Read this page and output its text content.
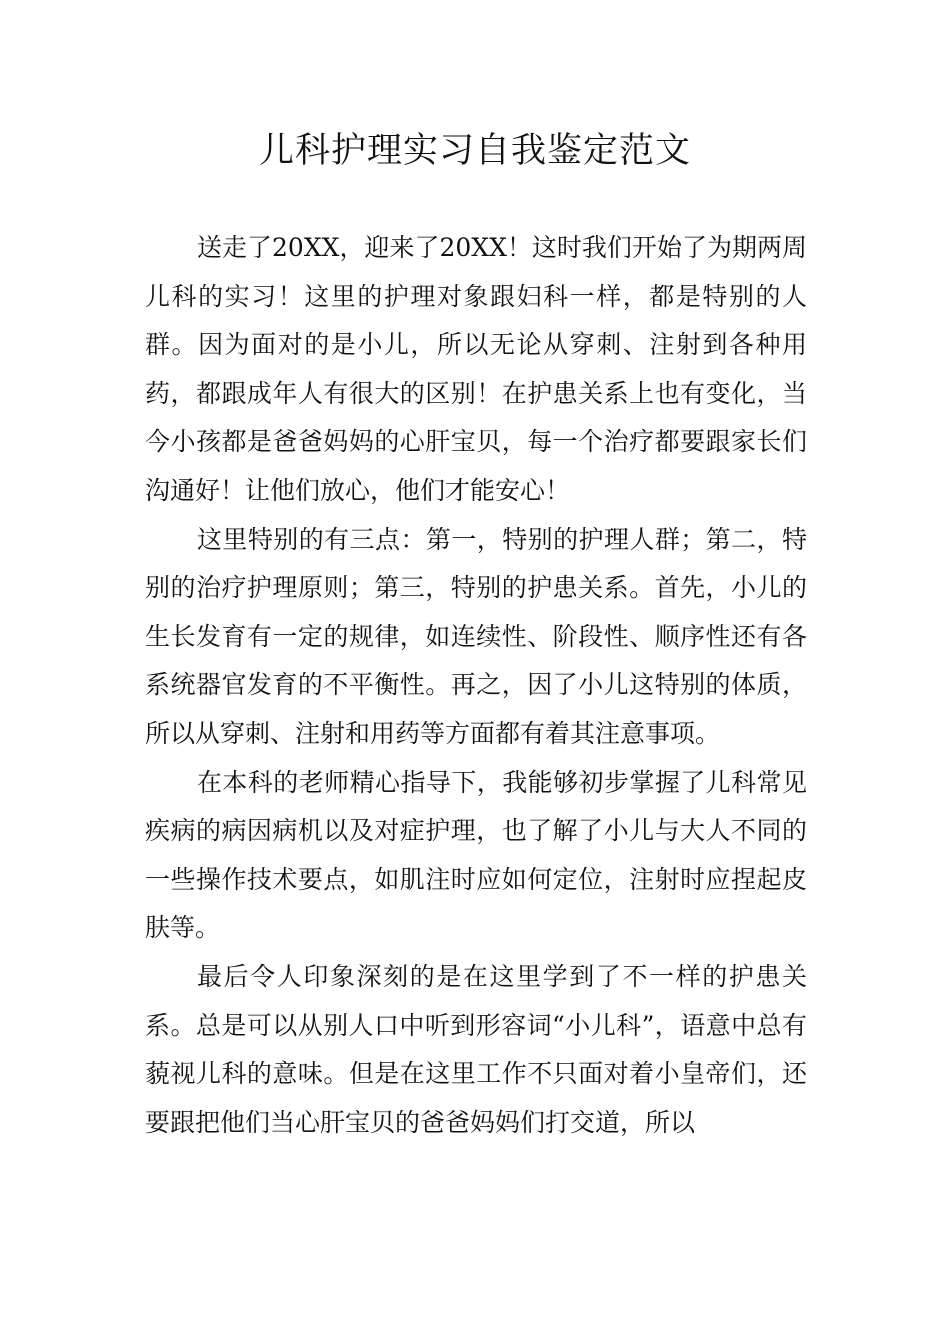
儿科护理实习自我鉴定范文

送走了20XX，迎来了20XX！这时我们开始了为期两周儿科的实习！这里的护理对象跟妇科一样，都是特别的人群。因为面对的是小儿，所以无论从穿刺、注射到各种用药，都跟成年人有很大的区别！在护患关系上也有变化，当今小孩都是爸爸妈妈的心肝宝贝，每一个治疗都要跟家长们沟通好！让他们放心，他们才能安心！

这里特别的有三点：第一，特别的护理人群；第二，特别的治疗护理原则；第三，特别的护患关系。首先，小儿的生长发育有一定的规律，如连续性、阶段性、顺序性还有各系统器官发育的不平衡性。再之，因了小儿这特别的体质，所以从穿刺、注射和用药等方面都有着其注意事项。

在本科的老师精心指导下，我能够初步掌握了儿科常见疾病的病因病机以及对症护理，也了解了小儿与大人不同的一些操作技术要点，如肌注时应如何定位，注射时应捏起皮肤等。

最后令人印象深刻的是在这里学到了不一样的护患关系。总是可以从别人口中听到形容词“小儿科”，语意中总有藐视儿科的意味。但是在这里工作不只面对着小皇帝们，还要跟把他们当心肝宝贝的爸爸妈妈们打交道，所以
